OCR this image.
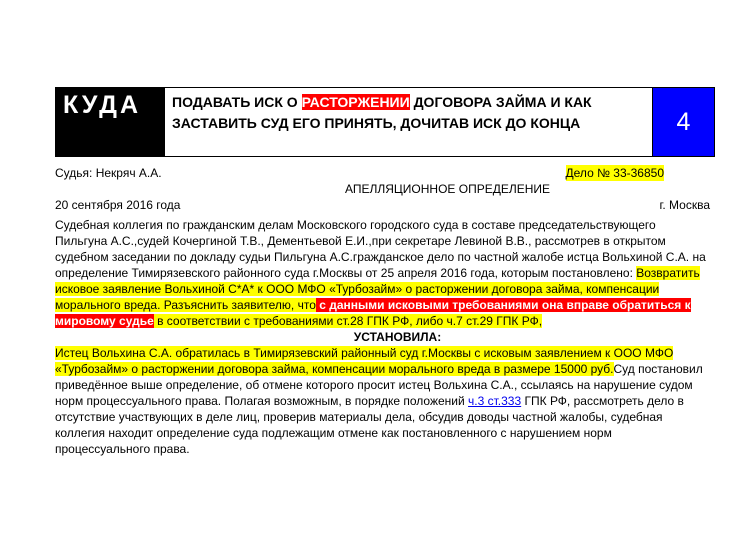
КУДА	ПОДАВАТЬ ИСК О РАСТОРЖЕНИИ ДОГОВОРА ЗАЙМА И КАК ЗАСТАВИТЬ СУД ЕГО ПРИНЯТЬ, ДОЧИТАВ ИСК ДО КОНЦА	4
Судья: Некряч А.А.	Дело № 33-36850
АПЕЛЛЯЦИОННОЕ ОПРЕДЕЛЕНИЕ
20 сентября 2016 года	г. Москва
Судебная коллегия по гражданским делам Московского городского суда в составе председательствующего Пильгуна А.С.,судей Кочергиной Т.В., Дементьевой Е.И.,при секретаре Левиной В.В., рассмотрев в открытом судебном заседании по докладу судьи Пильгуна А.С.гражданское дело по частной жалобе истца Вольхиной С.А. на определение Тимирязевского районного суда г.Москвы от 25 апреля 2016 года, которым постановлено: Возвратить исковое заявление Вольхиной С*А* к ООО МФО «Турбозайм» о расторжении договора займа, компенсации морального вреда. Разъяснить заявителю, что с данными исковыми требованиями она вправе обратиться к мировому судье в соответствии с требованиями ст.28 ГПК РФ, либо ч.7 ст.29 ГПК РФ,
УСТАНОВИЛА:
Истец Вольхина С.А. обратилась в Тимирязевский районный суд г.Москвы с исковым заявлением к ООО МФО «Турбозайм» о расторжении договора займа, компенсации морального вреда в размере 15000 руб.Суд постановил приведённое выше определение, об отмене которого просит истец Вольхина С.А., ссылаясь на нарушение судом норм процессуального права. Полагая возможным, в порядке положений ч.3 ст.333 ГПК РФ, рассмотреть дело в отсутствие участвующих в деле лиц, проверив материалы дела, обсудив доводы частной жалобы, судебная коллегия находит определение суда подлежащим отмене как постановленного с нарушением норм процессуального права.
